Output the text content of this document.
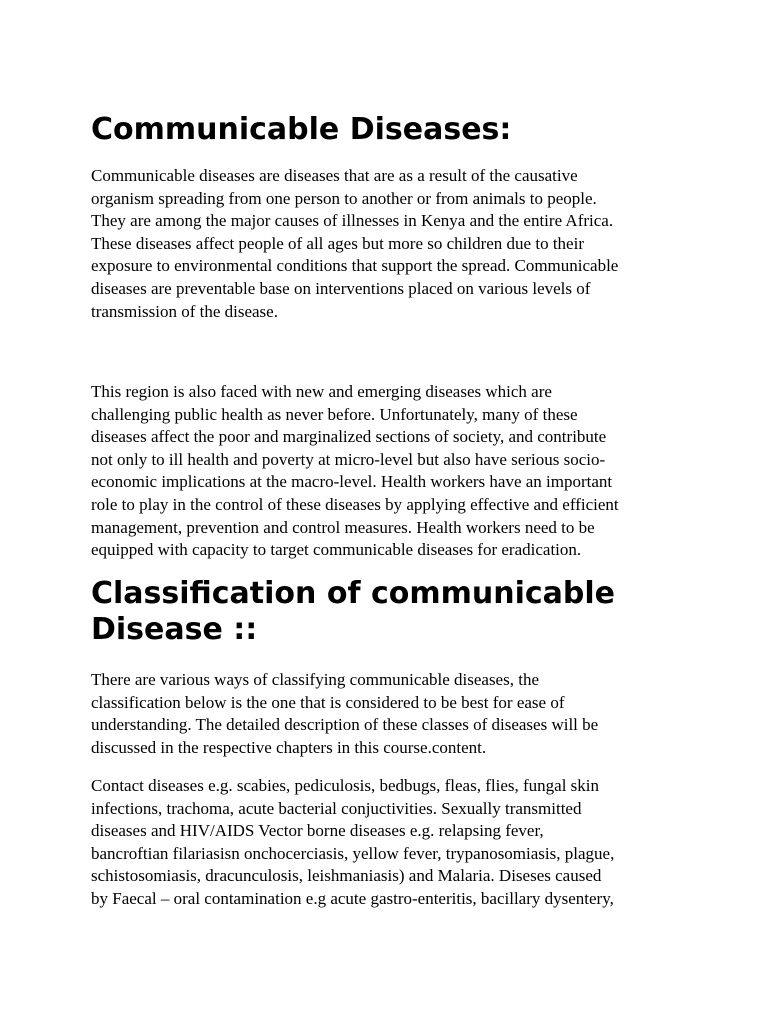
Communicable Diseases:

Communicable diseases are diseases that are as a result of the causative
organism spreading from one person to another or from animals to people.
They are among the major causes of illnesses in Kenya and the entire Africa.
These diseases affect people of all ages but more so children due to their
exposure to environmental conditions that support the spread. Communicable
diseases are preventable base on interventions placed on various levels of
transmission of the disease.

This region is also faced with new and emerging diseases which are
challenging public health as never before. Unfortunately, many of these
diseases affect the poor and marginalized sections of society, and contribute
not only to ill health and poverty at micro-level but also have serious socio-
economic implications at the macro-level. Health workers have an important
role to play in the control of these diseases by applying effective and efficient
management, prevention and control measures. Health workers need to be
equipped with capacity to target communicable diseases for eradication.

Classification of communicable Disease ::

There are various ways of classifying communicable diseases, the
classification below is the one that is considered to be best for ease of
understanding. The detailed description of these classes of diseases will be
discussed in the respective chapters in this course.content.

Contact diseases e.g. scabies, pediculosis, bedbugs, fleas, flies, fungal skin
infections, trachoma, acute bacterial conjuctivities. Sexually transmitted
diseases and HIV/AIDS Vector borne diseases e.g. relapsing fever,
bancroftian filariasisn onchocerciasis, yellow fever, trypanosomiasis, plague,
schistosomiasis, dracunculosis, leishmaniasis) and Malaria. Diseses caused
by Faecal – oral contamination e.g acute gastro-enteritis, bacillary dysentery,
